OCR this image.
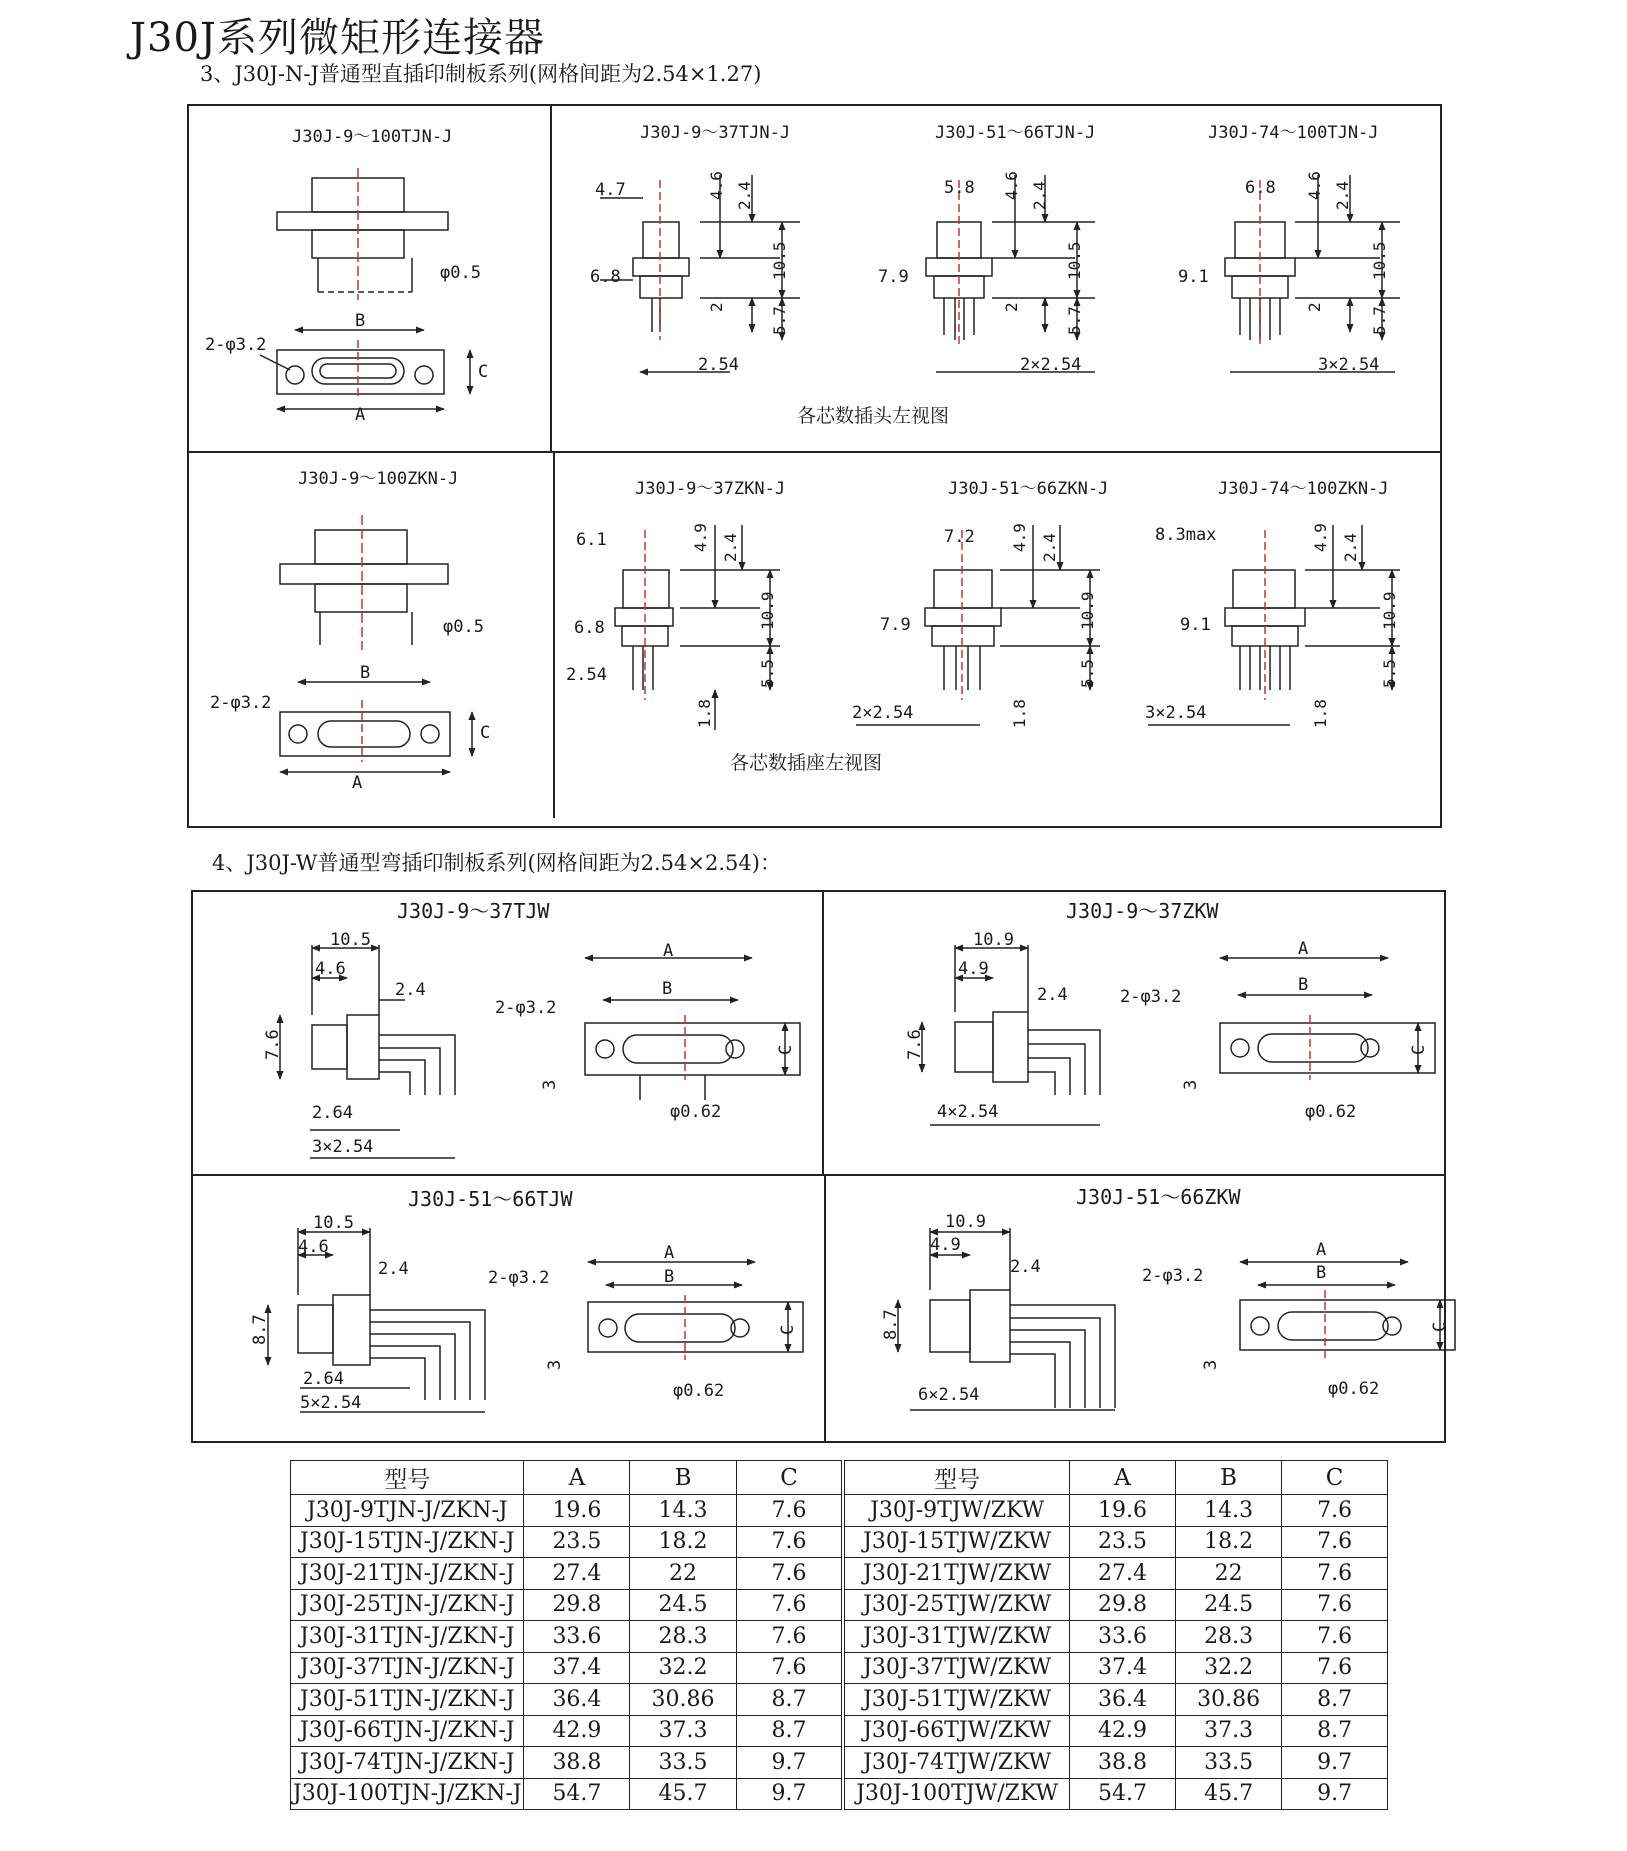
J30J系列微矩形连接器
3、J30J-N-J普通型直插印制板系列(网格间距为2.54×1.27)
4、J30J-W普通型弯插印制板系列(网格间距为2.54×2.54)：
J30J-9～100TJN-J
φ0.5
2-φ3.2
B
A
C
J30J-9～37TJN-J
4.7
6.8
2.54
J30J-51～66TJN-J
5.8
7.9
2×2.54
J30J-74～100TJN-J
6.8
9.1
3×2.54
J30J-9～100ZKN-J
φ0.5
2-φ3.2
B
A
C
J30J-9～37ZKN-J
6.1
6.8
2.54
J30J-51～66ZKN-J
7.2
7.9
2×2.54
J30J-74～100ZKN-J
8.3max
9.1
3×2.54
4.6 2.4
10.5
2	5.7
4.6 2.4
10.5
2	5.7
4.6 2.4
10.5
2	5.7
4.9 2.4
10.9
5.5
1.8
4.9 2.4
10.9
5.5
1.8
4.9 2.4
10.9
5.5
1.8
各芯数插头左视图
各芯数插座左视图
J30J-9～37TJW	J30J-9～37ZKW
J30J-51～66TJW	J30J-51～66ZKW
10.5
4.6
2.4
7.6
2.64
3×2.54
2-φ3.2
φ0.62
3
A
B
C
10.9
4.9
2.4
7.6
4×2.54
2-φ3.2
φ0.62
3
A
B
C
10.5
4.6
2.4
8.7
2.64
5×2.54
2-φ3.2
φ0.62
3
A
B
C
10.9
4.9
2.4
8.7
6×2.54
2-φ3.2
φ0.62
3
A
B
C
型号	A	B	C	型号	A	B	C
J30J-9TJN-J/ZKN-J	19.6	14.3	7.6	J30J-9TJW/ZKW	19.6	14.3	7.6
J30J-15TJN-J/ZKN-J	23.5	18.2	7.6	J30J-15TJW/ZKW	23.5	18.2	7.6
J30J-21TJN-J/ZKN-J	27.4	22	7.6	J30J-21TJW/ZKW	27.4	22	7.6
J30J-25TJN-J/ZKN-J	29.8	24.5	7.6	J30J-25TJW/ZKW	29.8	24.5	7.6
J30J-31TJN-J/ZKN-J	33.6	28.3	7.6	J30J-31TJW/ZKW	33.6	28.3	7.6
J30J-37TJN-J/ZKN-J	37.4	32.2	7.6	J30J-37TJW/ZKW	37.4	32.2	7.6
J30J-51TJN-J/ZKN-J	36.4	30.86	8.7	J30J-51TJW/ZKW	36.4	30.86	8.7
J30J-66TJN-J/ZKN-J	42.9	37.3	8.7	J30J-66TJW/ZKW	42.9	37.3	8.7
J30J-74TJN-J/ZKN-J	38.8	33.5	9.7	J30J-74TJW/ZKW	38.8	33.5	9.7
J30J-100TJN-J/ZKN-J	54.7	45.7	9.7	J30J-100TJW/ZKW	54.7	45.7	9.7
